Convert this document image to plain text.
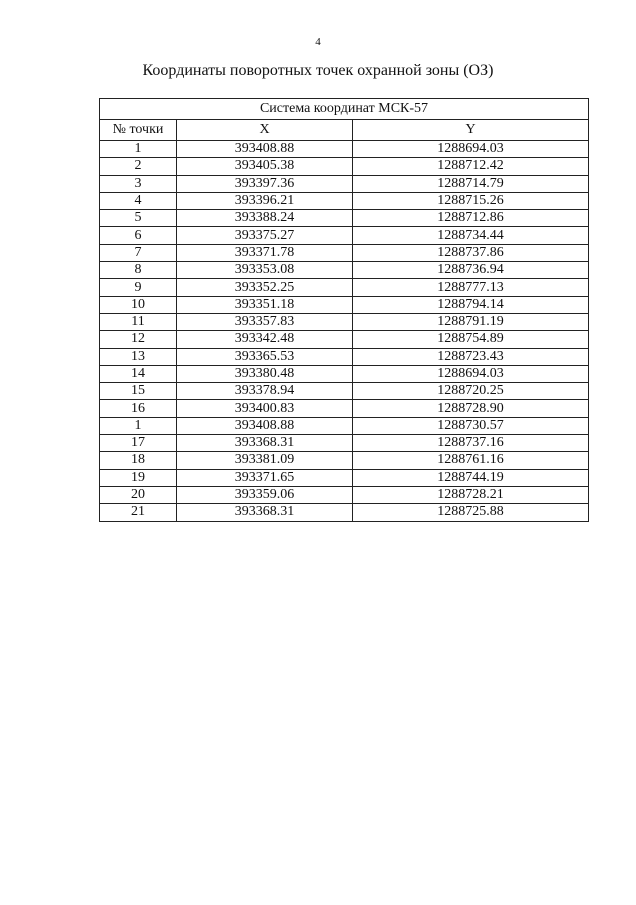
4
Координаты поворотных точек охранной зоны (ОЗ)
Система координат МСК-57		
№ точки	X	Y
1	393408.88	1288694.03
2	393405.38	1288712.42
3	393397.36	1288714.79
4	393396.21	1288715.26
5	393388.24	1288712.86
6	393375.27	1288734.44
7	393371.78	1288737.86
8	393353.08	1288736.94
9	393352.25	1288777.13
10	393351.18	1288794.14
11	393357.83	1288791.19
12	393342.48	1288754.89
13	393365.53	1288723.43
14	393380.48	1288694.03
15	393378.94	1288720.25
16	393400.83	1288728.90
1	393408.88	1288730.57
17	393368.31	1288737.16
18	393381.09	1288761.16
19	393371.65	1288744.19
20	393359.06	1288728.21
21	393368.31	1288725.88
